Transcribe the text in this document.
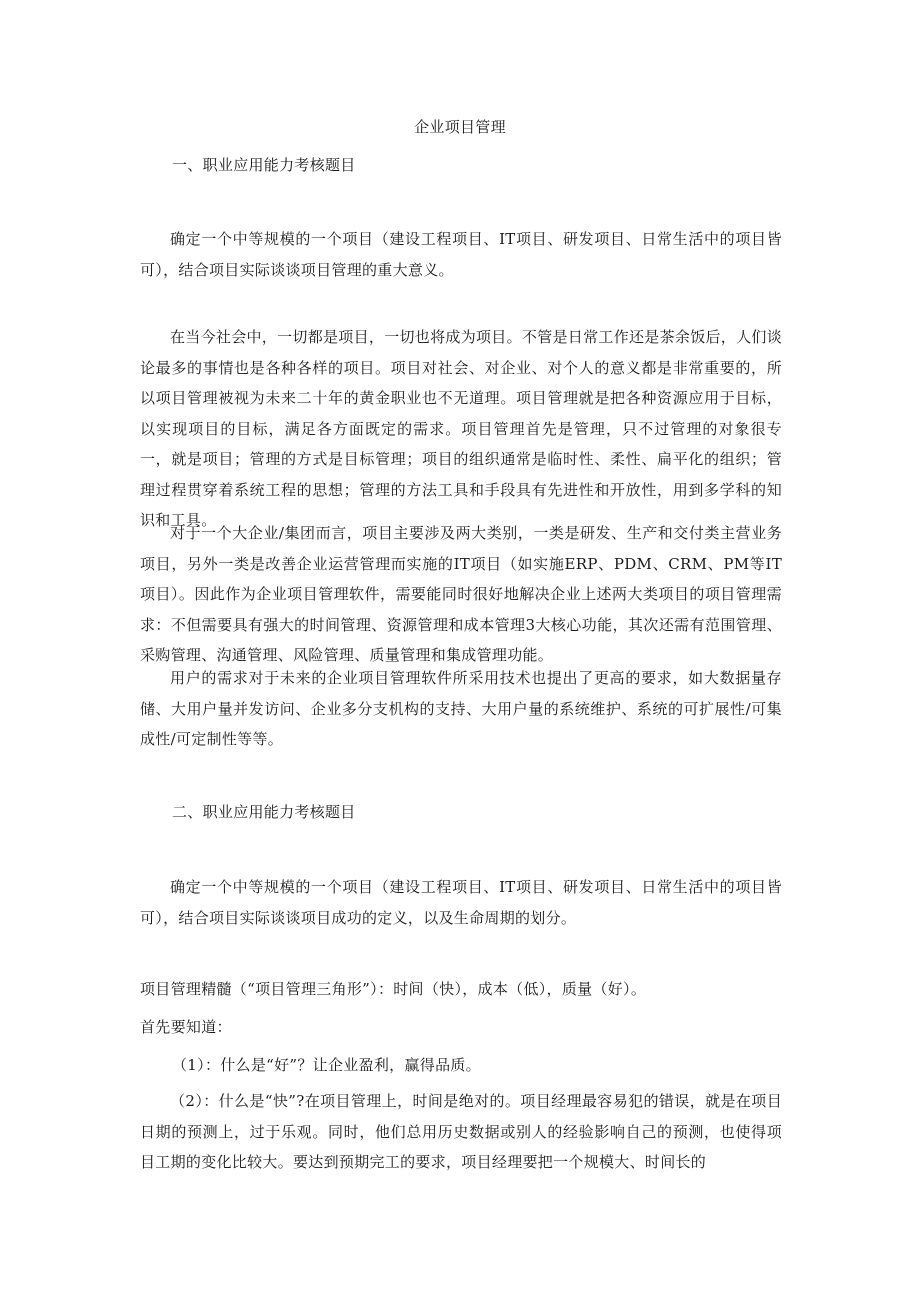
企业项目管理

一、职业应用能力考核题目

确定一个中等规模的一个项目（建设工程项目、IT项目、研发项目、日常生活中的项目皆可），结合项目实际谈谈项目管理的重大意义。

在当今社会中，一切都是项目，一切也将成为项目。不管是日常工作还是茶余饭后，人们谈论最多的事情也是各种各样的项目。项目对社会、对企业、对个人的意义都是非常重要的，所以项目管理被视为未来二十年的黄金职业也不无道理。项目管理就是把各种资源应用于目标，以实现项目的目标，满足各方面既定的需求。项目管理首先是管理，只不过管理的对象很专一，就是项目；管理的方式是目标管理；项目的组织通常是临时性、柔性、扁平化的组织；管理过程贯穿着系统工程的思想；管理的方法工具和手段具有先进性和开放性，用到多学科的知识和工具。

对于一个大企业/集团而言，项目主要涉及两大类别，一类是研发、生产和交付类主营业务项目，另外一类是改善企业运营管理而实施的IT项目（如实施ERP、PDM、CRM、PM等IT项目）。因此作为企业项目管理软件，需要能同时很好地解决企业上述两大类项目的项目管理需求：不但需要具有强大的时间管理、资源管理和成本管理3大核心功能，其次还需有范围管理、采购管理、沟通管理、风险管理、质量管理和集成管理功能。

用户的需求对于未来的企业项目管理软件所采用技术也提出了更高的要求，如大数据量存储、大用户量并发访问、企业多分支机构的支持、大用户量的系统维护、系统的可扩展性/可集成性/可定制性等等。

二、职业应用能力考核题目

确定一个中等规模的一个项目（建设工程项目、IT项目、研发项目、日常生活中的项目皆可），结合项目实际谈谈项目成功的定义，以及生命周期的划分。

项目管理精髓（“项目管理三角形”）：时间（快），成本（低），质量（好）。

首先要知道：

（1）：什么是“好”？让企业盈利，赢得品质。

（2）：什么是“快”?在项目管理上，时间是绝对的。项目经理最容易犯的错误，就是在项目日期的预测上，过于乐观。同时，他们总用历史数据或别人的经验影响自己的预测，也使得项目工期的变化比较大。要达到预期完工的要求，项目经理要把一个规模大、时间长的
